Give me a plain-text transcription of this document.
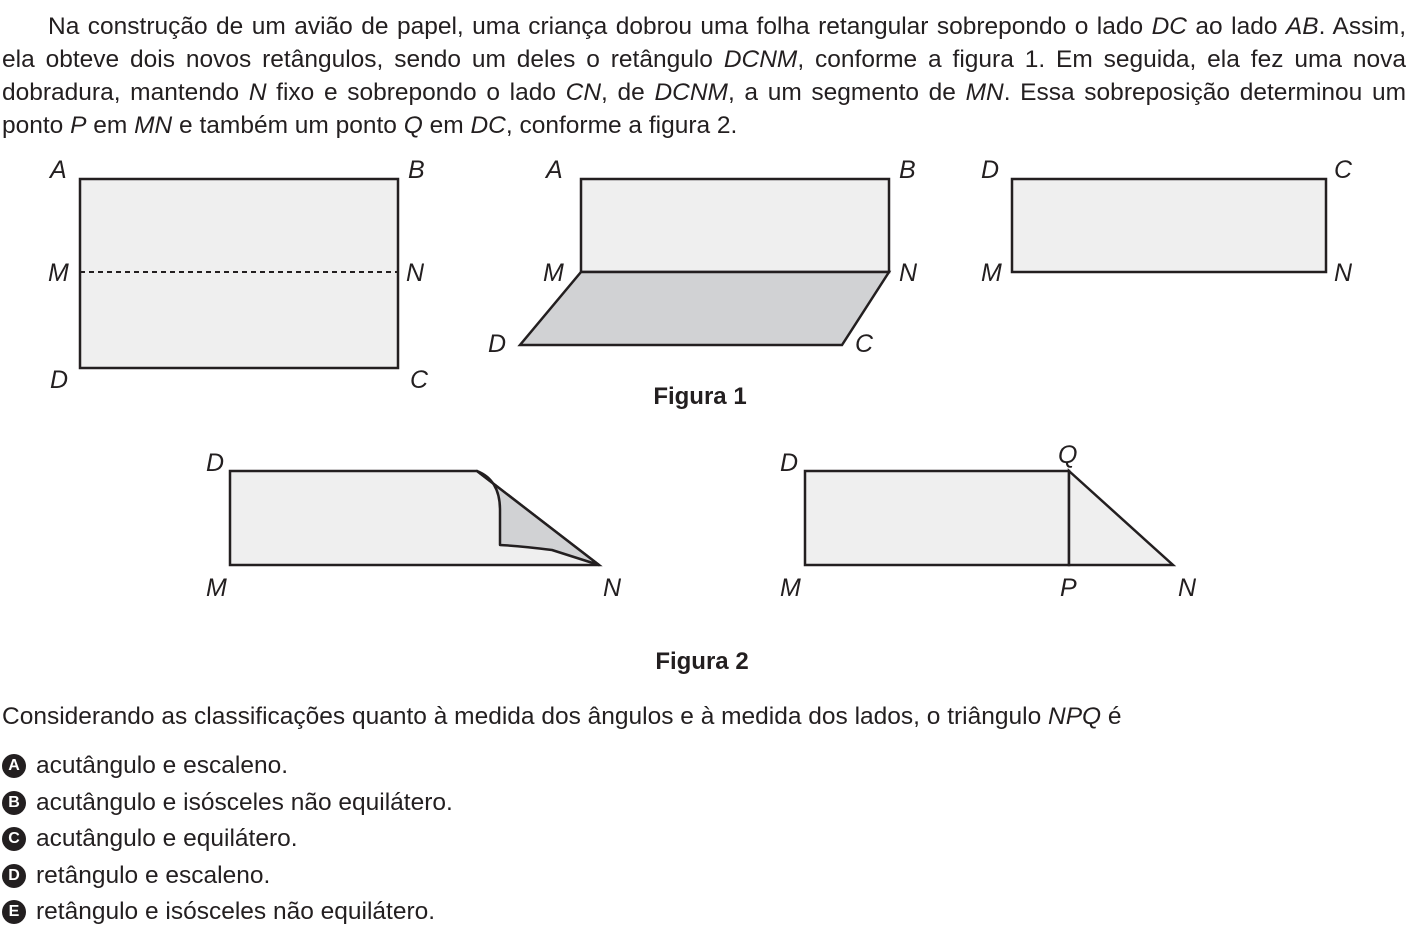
Na construção de um avião de papel, uma criança dobrou uma folha retangular sobrepondo o lado DC ao lado AB. Assim, ela obteve dois novos retângulos, sendo um deles o retângulo DCNM, conforme a figura 1. Em seguida, ela fez uma nova dobradura, mantendo N fixo e sobrepondo o lado CN, de DCNM, a um segmento de MN. Essa sobreposição determinou um ponto P em MN e também um ponto Q em DC, conforme a figura 2.

A	B
M	N
D	C
A	B
M	N
D	C
D	C
M	N
Figura 1
D
M	N
D	Q
M	P	N
Figura 2

Considerando as classificações quanto à medida dos ângulos e à medida dos lados, o triângulo NPQ é

A acutângulo e escaleno.
B acutângulo e isósceles não equilátero.
C acutângulo e equilátero.
D retângulo e escaleno.
E retângulo e isósceles não equilátero.
